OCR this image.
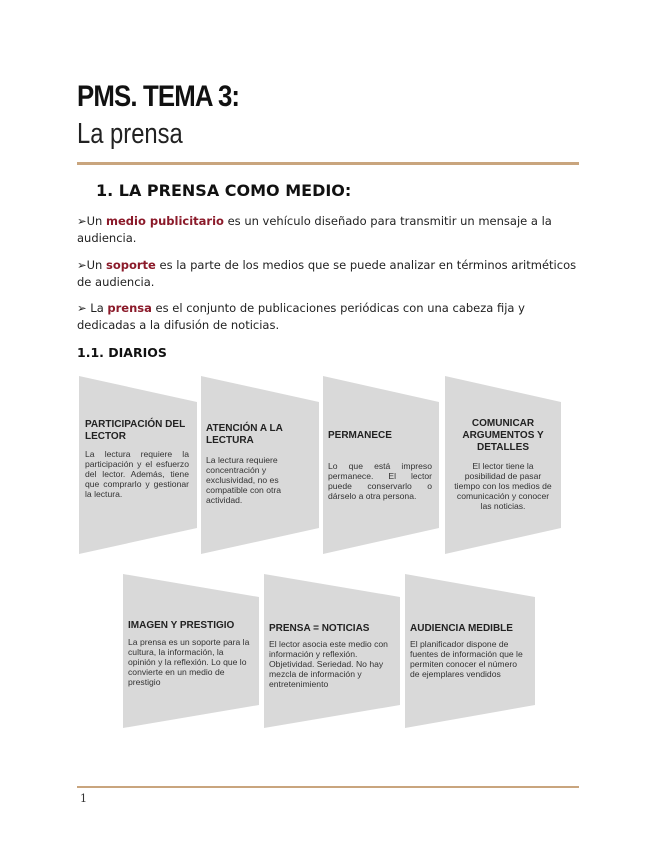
PMS. TEMA 3:
La prensa
1. LA PRENSA COMO MEDIO:
➢Un medio publicitario es un vehículo diseñado para transmitir un mensaje a la audiencia.
➢Un soporte es la parte de los medios que se puede analizar en términos aritméticos de audiencia.
➢ La prensa es el conjunto de publicaciones periódicas con una cabeza fija y dedicadas a la difusión de noticias.
1.1. DIARIOS
PARTICIPACIÓN DEL LECTOR
La lectura requiere la participación y el esfuerzo del lector. Además, tiene que comprarlo y gestionar la lectura.
ATENCIÓN A LA LECTURA
La lectura requiere concentración y exclusividad, no es compatible con otra actividad.
PERMANECE
Lo que está impreso permanece. El lector puede conservarlo o dárselo a otra persona.
COMUNICAR ARGUMENTOS Y DETALLES
El lector tiene la posibilidad de pasar tiempo con los medios de comunicación y conocer las noticias.
IMAGEN Y PRESTIGIO
La prensa es un soporte para la cultura, la información, la opinión y la reflexión. Lo que lo convierte en un medio de prestigio
PRENSA = NOTICIAS
El lector asocia este medio con información y reflexión. Objetividad. Seriedad. No hay mezcla de información y entretenimiento
AUDIENCIA MEDIBLE
El planificador dispone de fuentes de información que le permiten conocer el número de ejemplares vendidos
1
